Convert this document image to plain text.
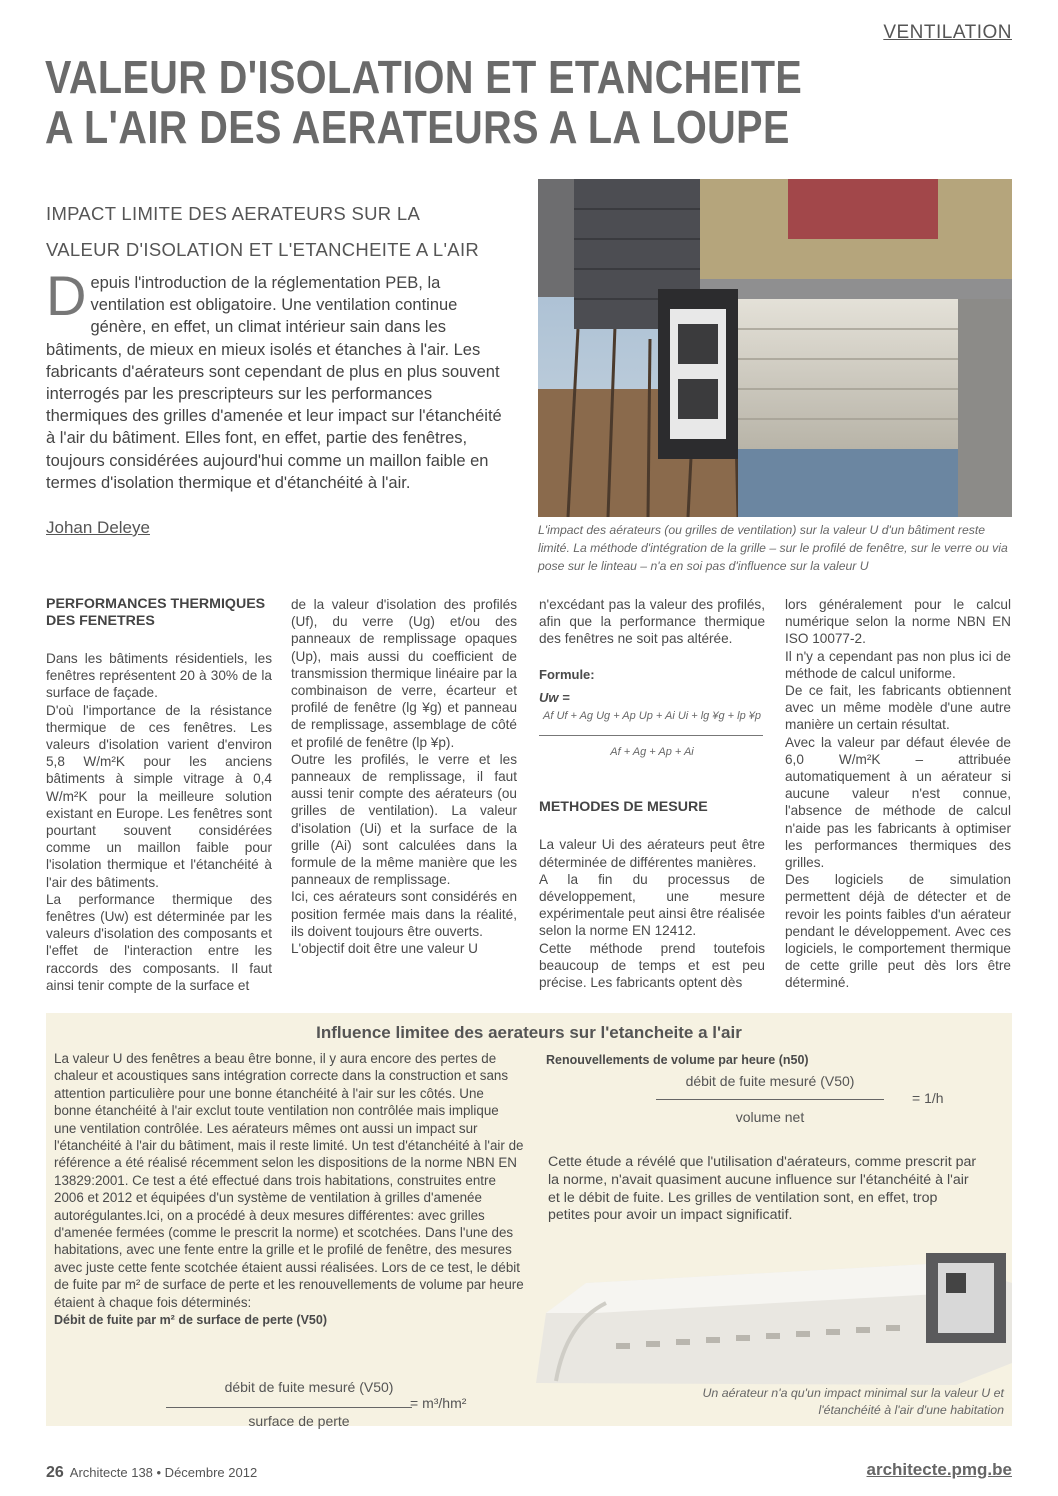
VENTILATION
VALEUR D'ISOLATION ET ETANCHEITE
A L'AIR DES AERATEURS A LA LOUPE
IMPACT LIMITE DES AERATEURS SUR LA
VALEUR D'ISOLATION ET L'ETANCHEITE A L'AIR
Depuis l'introduction de la réglementation PEB, la ventilation est obligatoire. Une ventilation continue génère, en effet, un climat intérieur sain dans les bâtiments, de mieux en mieux isolés et étanches à l'air. Les fabricants d'aérateurs sont cependant de plus en plus souvent interrogés par les prescripteurs sur les performances thermiques des grilles d'amenée et leur impact sur l'étanchéité à l'air du bâtiment. Elles font, en effet, partie des fenêtres, toujours considérées aujourd'hui comme un maillon faible en termes d'isolation thermique et d'étanchéité à l'air.
Johan Deleye	L'impact des aérateurs (ou grilles de ventilation) sur la valeur U d'un bâtiment reste limité. La méthode d'intégration de la grille – sur le profilé de fenêtre, sur le verre ou via pose sur le linteau – n'a en soi pas d'influence sur la valeur U
PERFORMANCES THERMIQUES DES FENETRES

Dans les bâtiments résidentiels, les fenêtres représentent 20 à 30% de la surface de façade.

D'où l'importance de la résistance thermique de ces fenêtres. Les valeurs d'isolation varient d'environ 5,8 W/m²K pour les anciens bâtiments à simple vitrage à 0,4 W/m²K pour la meilleure solution existant en Europe. Les fenêtres sont pourtant souvent considérées comme un maillon faible pour l'isolation thermique et l'étanchéité à l'air des bâtiments.

La performance thermique des fenêtres (Uw) est déterminée par les valeurs d'isolation des composants et l'effet de l'interaction entre les raccords des composants. Il faut ainsi tenir compte de la surface et

de la valeur d'isolation des profilés (Uf), du verre (Ug) et/ou des panneaux de remplissage opaques (Up), mais aussi du coefficient de transmission thermique linéaire par la combinaison de verre, écarteur et profilé de fenêtre (lg ¥g) et panneau de remplissage, assemblage de côté et profilé de fenêtre (lp ¥p).

Outre les profilés, le verre et les panneaux de remplissage, il faut aussi tenir compte des aérateurs (ou grilles de ventilation). La valeur d'isolation (Ui) et la surface de la grille (Ai) sont calculées dans la formule de la même manière que les panneaux de remplissage.

Ici, ces aérateurs sont considérés en position fermée mais dans la réalité, ils doivent toujours être ouverts.

L'objectif doit être une valeur U

n'excédant pas la valeur des profilés, afin que la performance thermique des fenêtres ne soit pas altérée.

Formule:
Uw =
Af Uf + Ag Ug + Ap Up + Ai Ui + lg ¥g + lp ¥p
Af + Ag + Ap + Ai
METHODES DE MESURE

La valeur Ui des aérateurs peut être déterminée de différentes manières.

A la fin du processus de développement, une mesure expérimentale peut ainsi être réalisée selon la norme EN 12412.

Cette méthode prend toutefois beaucoup de temps et est peu précise. Les fabricants optent dès

lors généralement pour le calcul numérique selon la norme NBN EN ISO 10077-2.

Il n'y a cependant pas non plus ici de méthode de calcul uniforme.

De ce fait, les fabricants obtiennent avec un même modèle d'une autre manière un certain résultat.

Avec la valeur par défaut élevée de 6,0 W/m²K – attribuée automatiquement à un aérateur si aucune valeur n'est connue, l'absence de méthode de calcul n'aide pas les fabricants à optimiser les performances thermiques des grilles.

Des logiciels de simulation permettent déjà de détecter et de revoir les points faibles d'un aérateur pendant le développement. Avec ces logiciels, le comportement thermique de cette grille peut dès lors être déterminé.

Influence limitee des aerateurs sur l'etancheite a l'air
La valeur U des fenêtres a beau être bonne, il y aura encore des pertes de chaleur et acoustiques sans intégration correcte dans la construction et sans attention particulière pour une bonne étanchéité à l'air sur les côtés. Une bonne étanchéité à l'air exclut toute ventilation non contrôlée mais implique une ventilation contrôlée. Les aérateurs mêmes ont aussi un impact sur l'étanchéité à l'air du bâtiment, mais il reste limité. Un test d'étanchéité à l'air de référence a été réalisé récemment selon les dispositions de la norme NBN EN 13829:2001. Ce test a été effectué dans trois habitations, construites entre 2006 et 2012 et équipées d'un système de ventilation à grilles d'amenée autorégulantes.Ici, on a procédé à deux mesures différentes: avec grilles d'amenée fermées (comme le prescrit la norme) et scotchées. Dans l'une des habitations, avec une fente entre la grille et le profilé de fenêtre, des mesures avec juste cette fente scotchée étaient aussi réalisées. Lors de ce test, le débit de fuite par m² de surface de perte et les renouvellements de volume par heure étaient à chaque fois déterminés:
Débit de fuite par m² de surface de perte (V50)
débit de fuite mesuré (V50)
surface de perte
= m³/hm²
Renouvellements de volume par heure (n50)
débit de fuite mesuré (V50)
volume net
= 1/h
Cette étude a révélé que l'utilisation d'aérateurs, comme prescrit par la norme, n'avait quasiment aucune influence sur l'étanchéité à l'air et le débit de fuite. Les grilles de ventilation sont, en effet, trop petites pour avoir un impact significatif.
Un aérateur n'a qu'un impact minimal sur la valeur U et l'étanchéité à l'air d'une habitation
26 Architecte 138 • Décembre 2012	architecte.pmg.be
